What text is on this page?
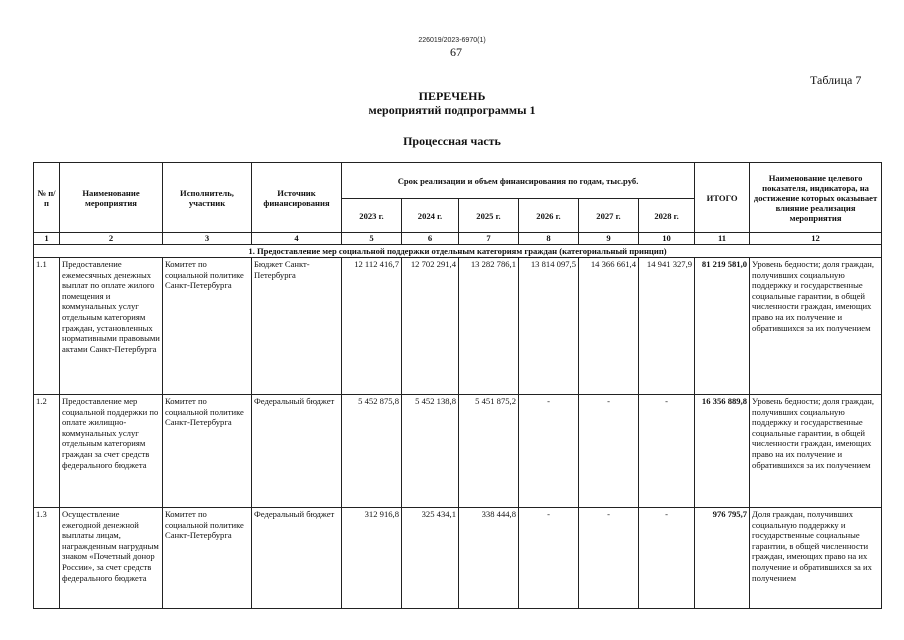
226019/2023-6970(1)
67
Таблица 7
ПЕРЕЧЕНЬ
мероприятий подпрограммы 1
Процессная часть
№ п/п	Наименование мероприятия	Исполнитель, участник	Источник финансирования	Срок реализации и объем финансирования по годам, тыс.руб.						ИТОГО	Наименование целевого показателя, индикатора, на достижение которых оказывает влияние реализация мероприятия
				2023 г.	2024 г.	2025 г.	2026 г.	2027 г.	2028 г.		
1	2	3	4	5	6	7	8	9	10	11	12
1. Предоставление мер социальной поддержки отдельным категориям граждан (категориальный принцип)											
1.1	Предоставление ежемесячных денежных выплат по оплате жилого помещения и коммунальных услуг отдельным категориям граждан, установленных нормативными правовыми актами Санкт-Петербурга	Комитет по социальной политике Санкт-Петербурга	Бюджет Санкт-Петербурга	12 112 416,7	12 702 291,4	13 282 786,1	13 814 097,5	14 366 661,4	14 941 327,9	81 219 581,0	Уровень бедности; доля граждан, получивших социальную поддержку и государственные социальные гарантии, в общей численности граждан, имеющих право на их получение и обратившихся за их получением
1.2	Предоставление мер социальной поддержки по оплате жилищно-коммунальных услуг отдельным категориям граждан за счет средств федерального бюджета	Комитет по социальной политике Санкт-Петербурга	Федеральный бюджет	5 452 875,8	5 452 138,8	5 451 875,2	-	-	-	16 356 889,8	Уровень бедности; доля граждан, получивших социальную поддержку и государственные социальные гарантии, в общей численности граждан, имеющих право на их получение и обратившихся за их получением
1.3	Осуществление ежегодной денежной выплаты лицам, награжденным нагрудным знаком «Почетный донор России», за счет средств федерального бюджета	Комитет по социальной политике Санкт-Петербурга	Федеральный бюджет	312 916,8	325 434,1	338 444,8	-	-	-	976 795,7	Доля граждан, получивших социальную поддержку и государственные социальные гарантии, в общей численности граждан, имеющих право на их получение и обратившихся за их получением
